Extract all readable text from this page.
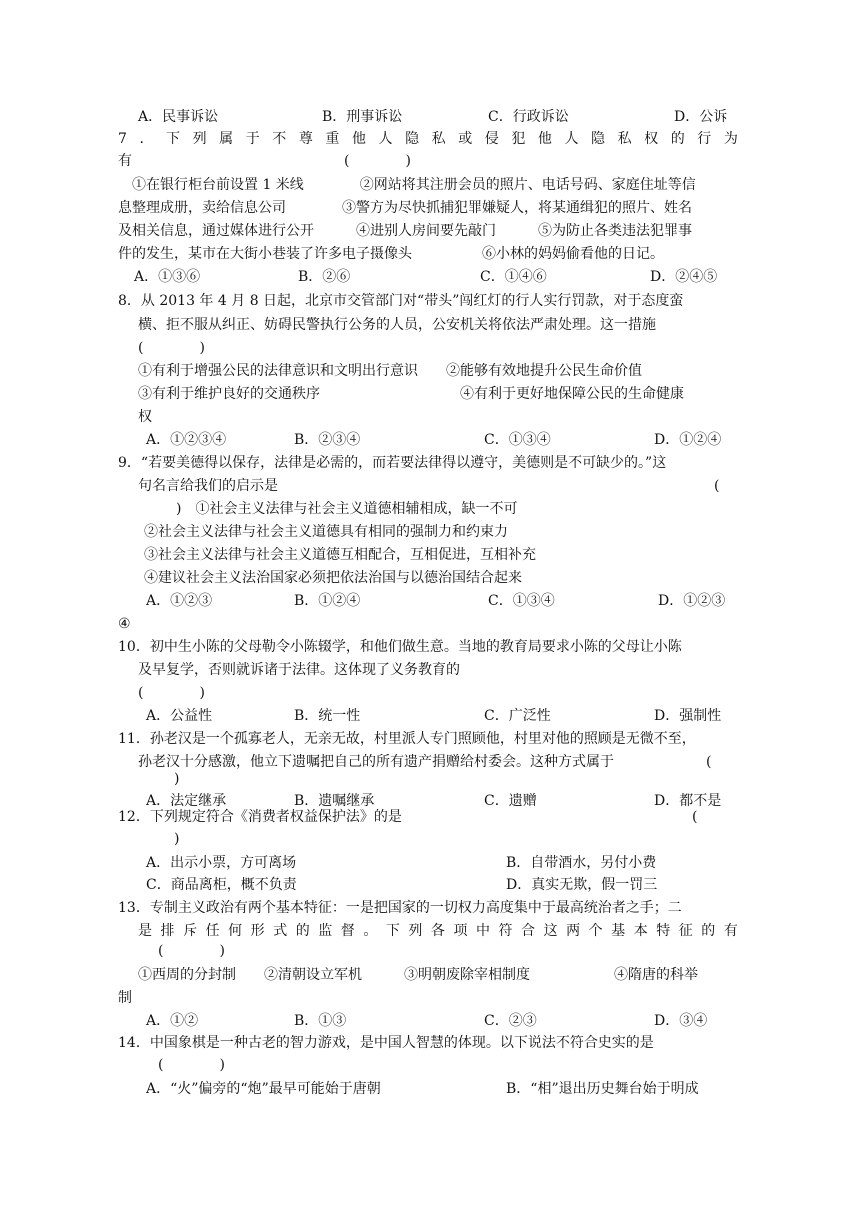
A．民事诉讼	B．刑事诉讼	C．行政诉讼	D．公诉
7 ． 下 列 属 于 不 尊 重 他 人 隐 私 或 侵 犯 他 人 隐 私 权 的 行 为
有	(　　　　)
①在银行柜台前设置 1 米线　　　　②网站将其注册会员的照片、电话号码、家庭住址等信
息整理成册，卖给信息公司　　　　③警方为尽快抓捕犯罪嫌疑人，将某通缉犯的照片、姓名
及相关信息，通过媒体进行公开　　　④进别人房间要先敲门　　　⑤为防止各类违法犯罪事
件的发生，某市在大街小巷装了许多电子摄像头　　　　　⑥小林的妈妈偷看他的日记。
A．①③⑥	B．②⑥	C．①④⑥	D．②④⑤
8．从 2013 年 4 月 8 日起，北京市交管部门对“带头”闯红灯的行人实行罚款，对于态度蛮
横、拒不服从纠正、妨碍民警执行公务的人员，公安机关将依法严肃处理。这一措施
(　　　　)
①有利于增强公民的法律意识和文明出行意识　　②能够有效地提升公民生命价值
③有利于维护良好的交通秩序　　　　　　　　　　④有利于更好地保障公民的生命健康
权
A．①②③④	B．②③④	C．①③④	D．①②④
9．“若要美德得以保存，法律是必需的，而若要法律得以遵守，美德则是不可缺少的。”这
句名言给我们的启示是	(
)　①社会主义法律与社会主义道德相辅相成，缺一不可
②社会主义法律与社会主义道德具有相同的强制力和约束力
③社会主义法律与社会主义道德互相配合，互相促进，互相补充
④建议社会主义法治国家必须把依法治国与以德治国结合起来
A．①②③	B．①②④	C．①③④	D．①②③
④
10．初中生小陈的父母勒令小陈辍学，和他们做生意。当地的教育局要求小陈的父母让小陈
及早复学，否则就诉诸于法律。这体现了义务教育的
(　　　　)
A．公益性	B．统一性	C．广泛性	D．强制性
11．孙老汉是一个孤寡老人，无亲无故，村里派人专门照顾他，村里对他的照顾是无微不至，
孙老汉十分感激，他立下遗嘱把自己的所有遗产捐赠给村委会。这种方式属于	(
)
A．法定继承	B．遗嘱继承	C．遗赠	D．都不是
12．下列规定符合《消费者权益保护法》的是	(
)
A．出示小票，方可离场	B．自带酒水，另付小费
C．商品离柜，概不负责	D．真实无欺，假一罚三
13．专制主义政治有两个基本特征：一是把国家的一切权力高度集中于最高统治者之手；二
是 排 斥 任 何 形 式 的 监 督 。 下 列 各 项 中 符 合 这 两 个 基 本 特 征 的 有
(　　　　)
①西周的分封制　　②清朝设立军机　　　③明朝废除宰相制度　　　　　　④隋唐的科举
制
A．①②	B．①③	C．②③	D．③④
14．中国象棋是一种古老的智力游戏，是中国人智慧的体现。以下说法不符合史实的是
(　　　　)
A．“火”偏旁的“炮”最早可能始于唐朝	B．“相”退出历史舞台始于明成
